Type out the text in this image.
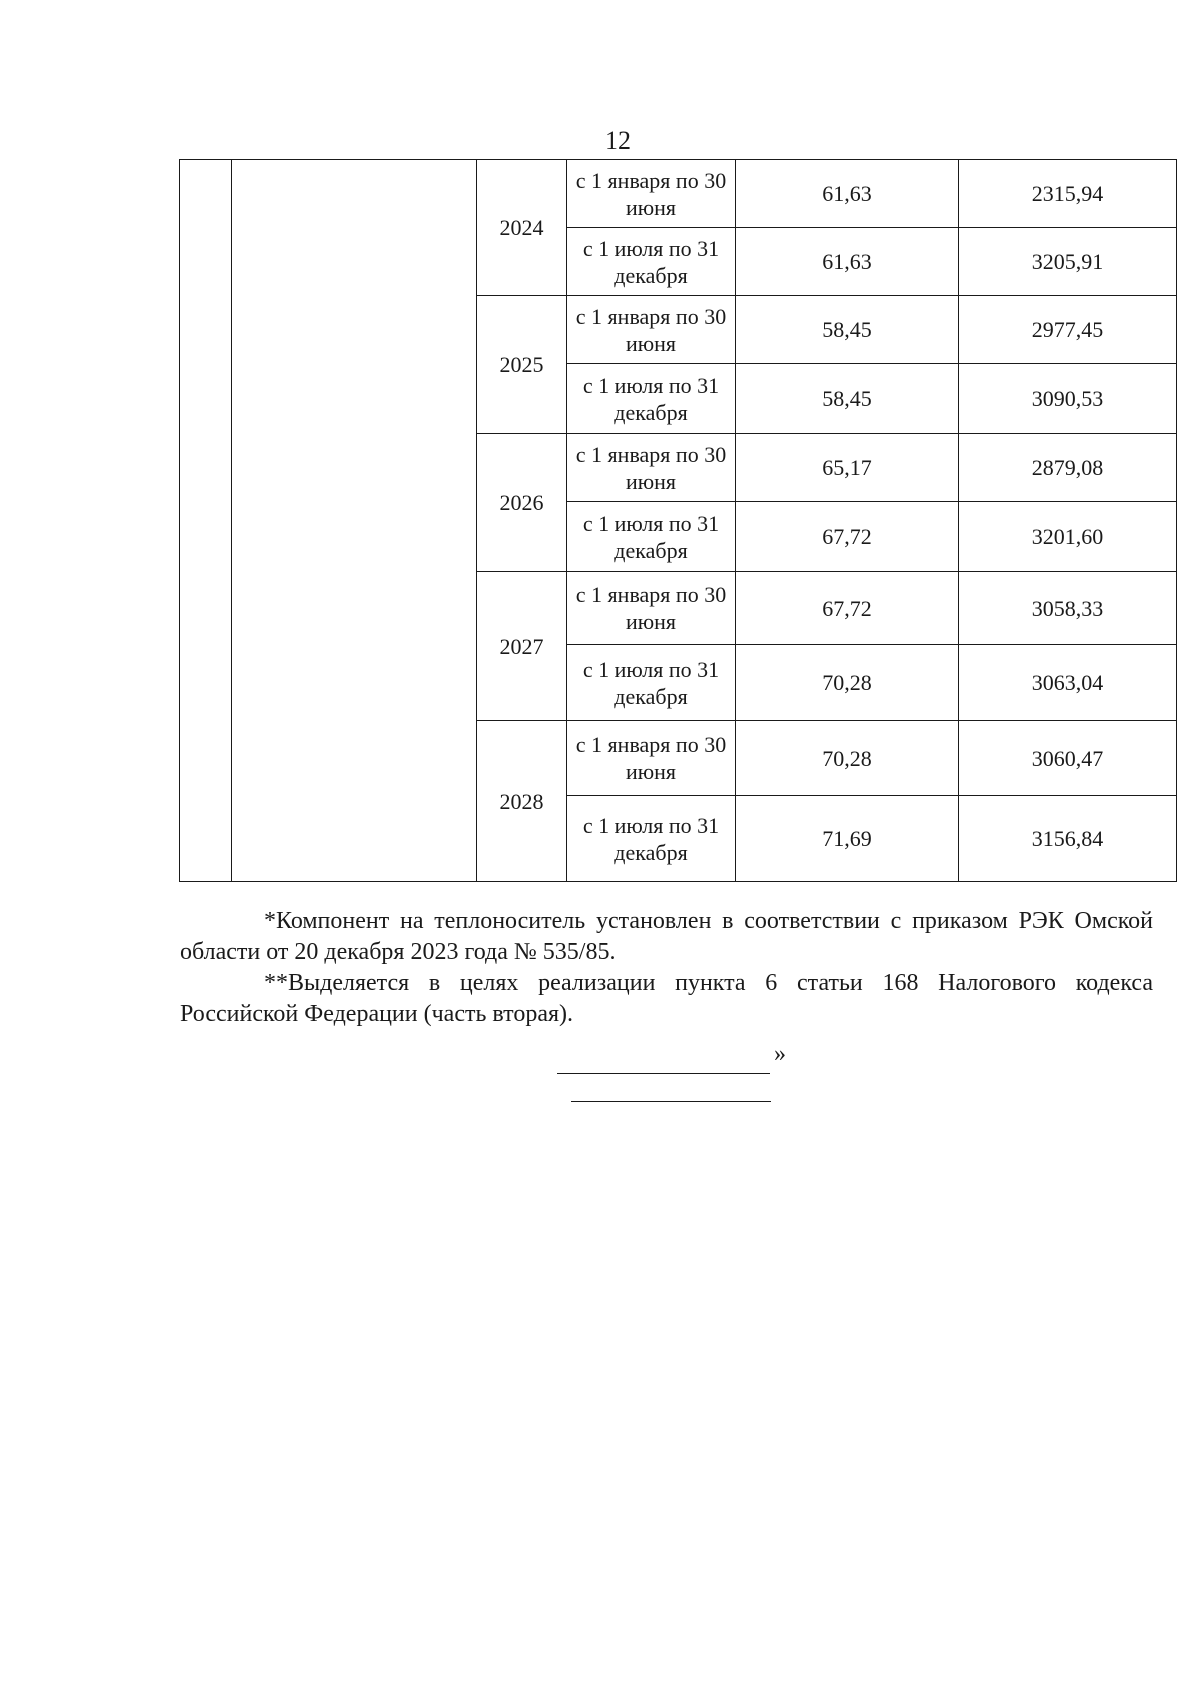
12
		2024	с 1 января по 30 июня	61,63	2315,94
			с 1 июля по 31 декабря	61,63	3205,91
		2025	с 1 января по 30 июня	58,45	2977,45
			с 1 июля по 31 декабря	58,45	3090,53
		2026	с 1 января по 30 июня	65,17	2879,08
			с 1 июля по 31 декабря	67,72	3201,60
		2027	с 1 января по 30 июня	67,72	3058,33
			с 1 июля по 31 декабря	70,28	3063,04
		2028	с 1 января по 30 июня	70,28	3060,47
			с 1 июля по 31 декабря	71,69	3156,84

*Компонент на теплоноситель установлен в соответствии с приказом РЭК Омской области от 20 декабря 2023 года № 535/85.

**Выделяется в целях реализации пункта 6 статьи 168 Налогового кодекса Российской Федерации (часть вторая).

»
